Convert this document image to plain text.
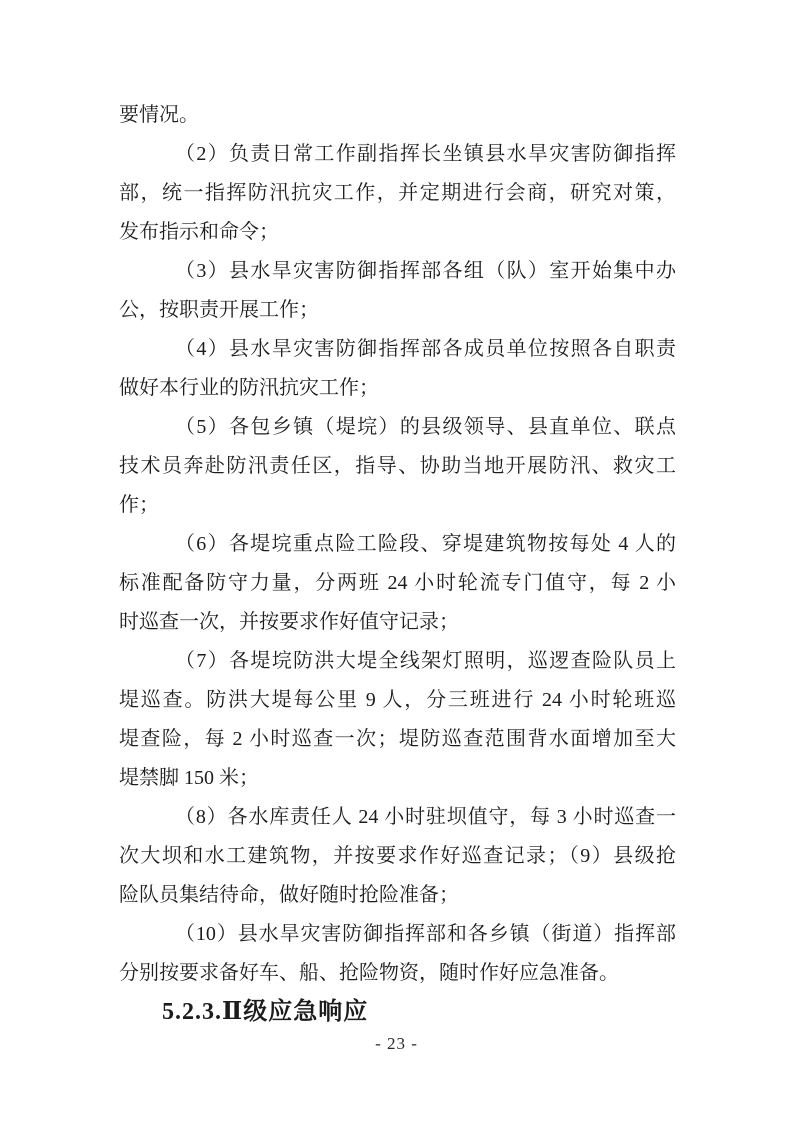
要情况。
（2）负责日常工作副指挥长坐镇县水旱灾害防御指挥
部，统一指挥防汛抗灾工作，并定期进行会商，研究对策，
发布指示和命令；
（3）县水旱灾害防御指挥部各组（队）室开始集中办
公，按职责开展工作；
（4）县水旱灾害防御指挥部各成员单位按照各自职责
做好本行业的防汛抗灾工作；
（5）各包乡镇（堤垸）的县级领导、县直单位、联点
技术员奔赴防汛责任区，指导、协助当地开展防汛、救灾工
作；
（6）各堤垸重点险工险段、穿堤建筑物按每处 4 人的
标准配备防守力量，分两班 24 小时轮流专门值守，每 2 小
时巡查一次，并按要求作好值守记录；
（7）各堤垸防洪大堤全线架灯照明，巡逻查险队员上
堤巡查。防洪大堤每公里 9 人，分三班进行 24 小时轮班巡
堤查险，每 2 小时巡查一次；堤防巡查范围背水面增加至大
堤禁脚 150 米；
（8）各水库责任人 24 小时驻坝值守，每 3 小时巡查一
次大坝和水工建筑物，并按要求作好巡查记录；（9）县级抢
险队员集结待命，做好随时抢险准备；
（10）县水旱灾害防御指挥部和各乡镇（街道）指挥部
分别按要求备好车、船、抢险物资，随时作好应急准备。
5.2.3.Ⅱ级应急响应
- 23 -
